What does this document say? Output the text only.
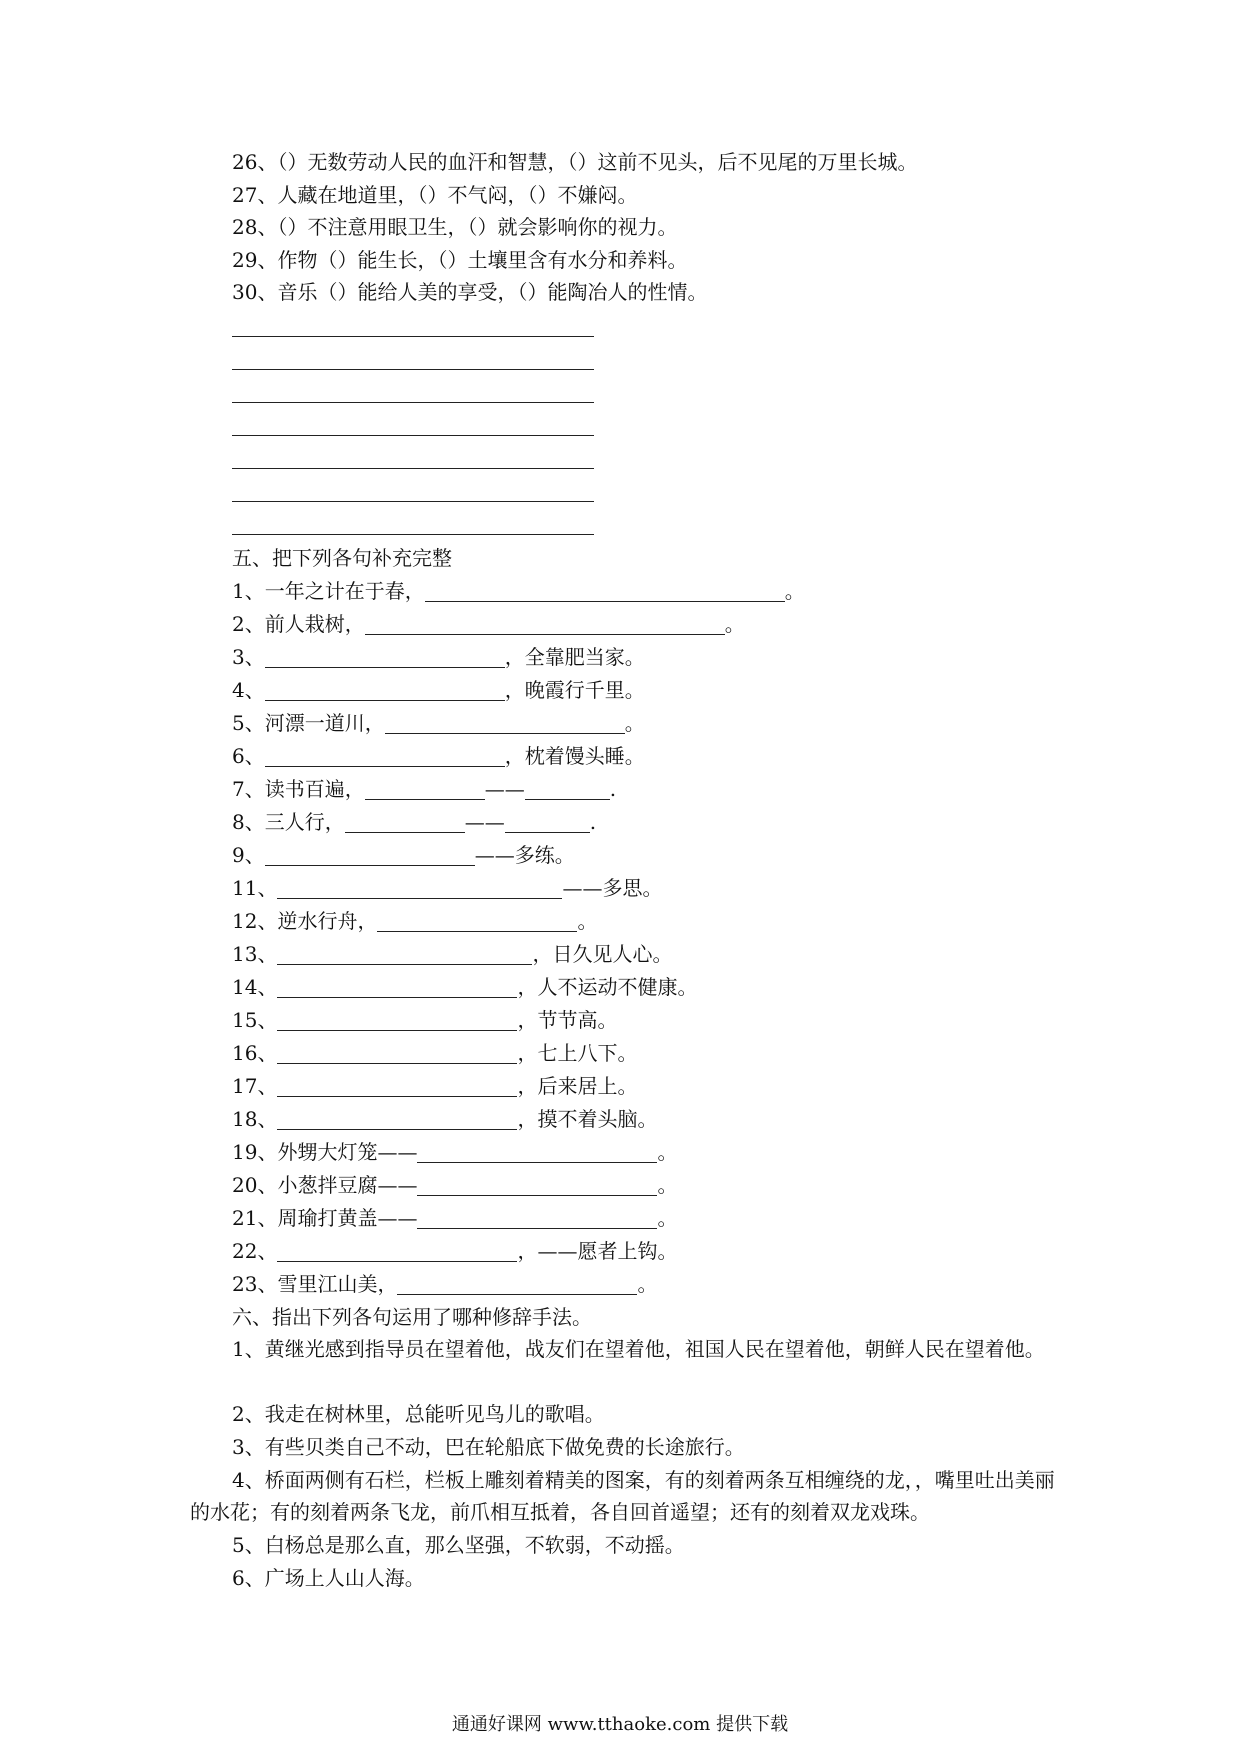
26、（）无数劳动人民的血汗和智慧，（）这前不见头，后不见尾的万里长城。
27、人藏在地道里，（）不气闷，（）不嫌闷。
28、（）不注意用眼卫生，（）就会影响你的视力。
29、作物（）能生长，（）土壤里含有水分和养料。
30、音乐（）能给人美的享受，（）能陶冶人的性情。
五、把下列各句补充完整
1、一年之计在于春，	。
2、前人栽树，	。
3、	，全靠肥当家。
4、	，晚霞行千里。
5、河漂一道川，	。
6、	，枕着馒头睡。
7、读书百遍，	——	.
8、三人行，	——	.
9、	——多练。
11、	——多思。
12、逆水行舟，	。
13、	，日久见人心。
14、	，人不运动不健康。
15、	，节节高。
16、	，七上八下。
17、	，后来居上。
18、	，摸不着头脑。
19、外甥大灯笼——	。
20、小葱拌豆腐——	。
21、周瑜打黄盖——	。
22、	，——愿者上钩。
23、雪里江山美，	。
六、指出下列各句运用了哪种修辞手法。
1、黄继光感到指导员在望着他，战友们在望着他，祖国人民在望着他，朝鲜人民在望着他。
2、我走在树林里，总能听见鸟儿的歌唱。
3、有些贝类自己不动，巴在轮船底下做免费的长途旅行。
4、桥面两侧有石栏，栏板上雕刻着精美的图案，有的刻着两条互相缠绕的龙，，嘴里吐出美丽的水花；有的刻着两条飞龙，前爪相互抵着，各自回首遥望；还有的刻着双龙戏珠。
5、白杨总是那么直，那么坚强，不软弱，不动摇。
6、广场上人山人海。
通通好课网 www.tthaoke.com 提供下载
